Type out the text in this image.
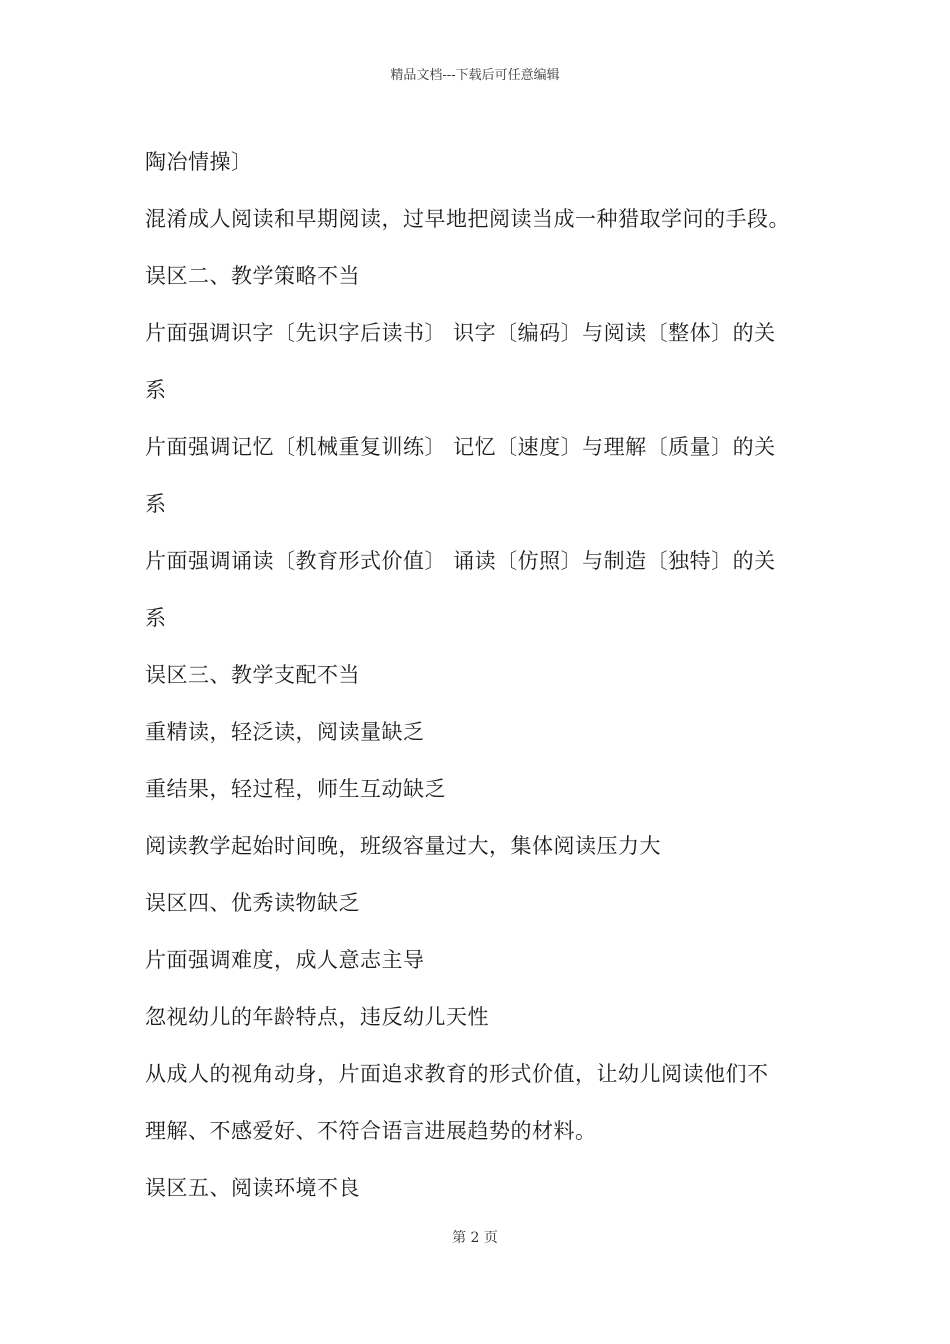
精品文档---下载后可任意编辑
陶冶情操〕
混淆成人阅读和早期阅读，过早地把阅读当成一种猎取学问的手段。
误区二、教学策略不当
片面强调识字〔先识字后读书〕 识字〔编码〕与阅读〔整体〕的关
系
片面强调记忆〔机械重复训练〕 记忆〔速度〕与理解〔质量〕的关
系
片面强调诵读〔教育形式价值〕 诵读〔仿照〕与制造〔独特〕的关
系
误区三、教学支配不当
重精读，轻泛读，阅读量缺乏
重结果，轻过程，师生互动缺乏
阅读教学起始时间晚，班级容量过大，集体阅读压力大
误区四、优秀读物缺乏
片面强调难度，成人意志主导
忽视幼儿的年龄特点，违反幼儿天性
从成人的视角动身，片面追求教育的形式价值，让幼儿阅读他们不
理解、不感爱好、不符合语言进展趋势的材料。
误区五、阅读环境不良
第 2 页
